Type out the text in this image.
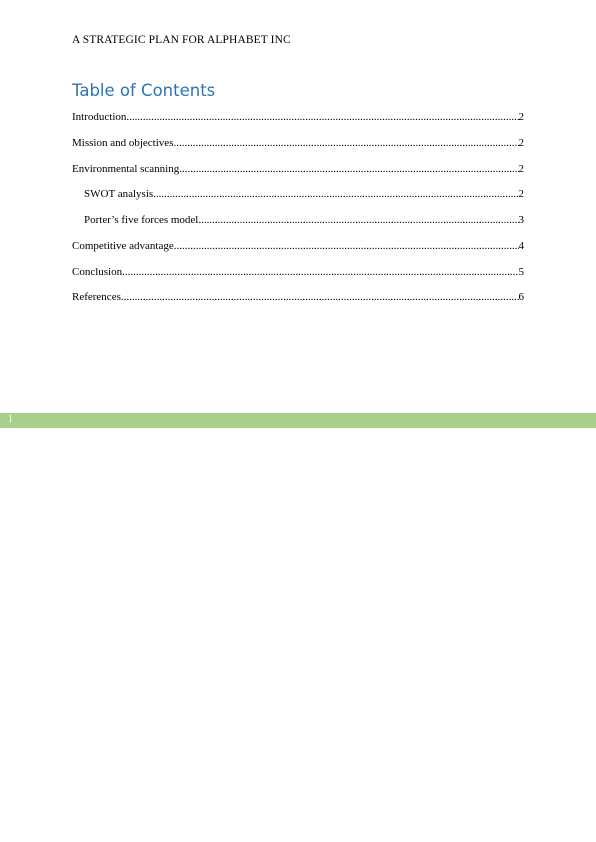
A STRATEGIC PLAN FOR ALPHABET INC
Table of Contents
Introduction .....	2
Mission and objectives .....	2
Environmental scanning .....	2
SWOT analysis .....	2
Porter’s five forces model .....	3
Competitive advantage .....	4
Conclusion .....	5
References .....	6
1
